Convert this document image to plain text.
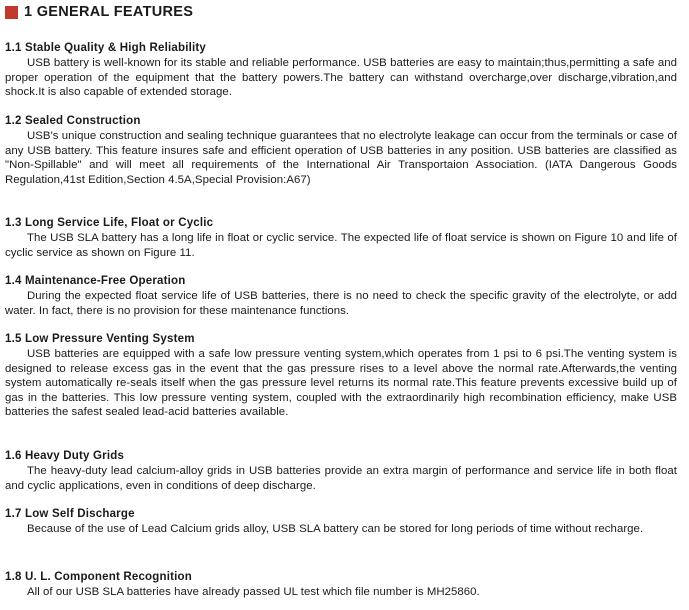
1 GENERAL FEATURES
1.1 Stable Quality & High Reliability

USB battery is well-known for its stable and reliable performance. USB batteries are easy to maintain;thus,permitting a safe and proper operation of the equipment that the battery powers.The battery can withstand overcharge,over discharge,vibration,and shock.It is also capable of extended storage.

1.2 Sealed Construction

USB's unique construction and sealing technique guarantees that no electrolyte leakage can occur from the terminals or case of any USB battery. This feature insures safe and efficient operation of USB batteries in any position. USB batteries are classified as "Non-Spillable" and will meet all requirements of the International Air Transportaion Association. (IATA Dangerous Goods Regulation,41st Edition,Section 4.5A,Special Provision:A67)

1.3 Long Service Life, Float or Cyclic

The USB SLA battery has a long life in float or cyclic service. The expected life of float service is shown on Figure 10 and life of cyclic service as shown on Figure 11.

1.4 Maintenance-Free Operation

During the expected float service life of USB batteries, there is no need to check the specific gravity of the electrolyte, or add water. In fact, there is no provision for these maintenance functions.

1.5 Low Pressure Venting System

USB batteries are equipped with a safe low pressure venting system,which operates from 1 psi to 6 psi.The venting system is designed to release excess gas in the event that the gas pressure rises to a level above the normal rate.Afterwards,the venting system automatically re-seals itself when the gas pressure level returns its normal rate.This feature prevents excessive build up of gas in the batteries. This low pressure venting system, coupled with the extraordinarily high recombination efficiency, make USB batteries the safest sealed lead-acid batteries available.

1.6 Heavy Duty Grids

The heavy-duty lead calcium-alloy grids in USB batteries provide an extra margin of performance and service life in both float and cyclic applications, even in conditions of deep discharge.

1.7 Low Self Discharge

Because of the use of Lead Calcium grids alloy, USB SLA battery can be stored for long periods of time without recharge.

1.8 U. L. Component Recognition

All of our USB SLA batteries have already passed UL test which file number is MH25860.
